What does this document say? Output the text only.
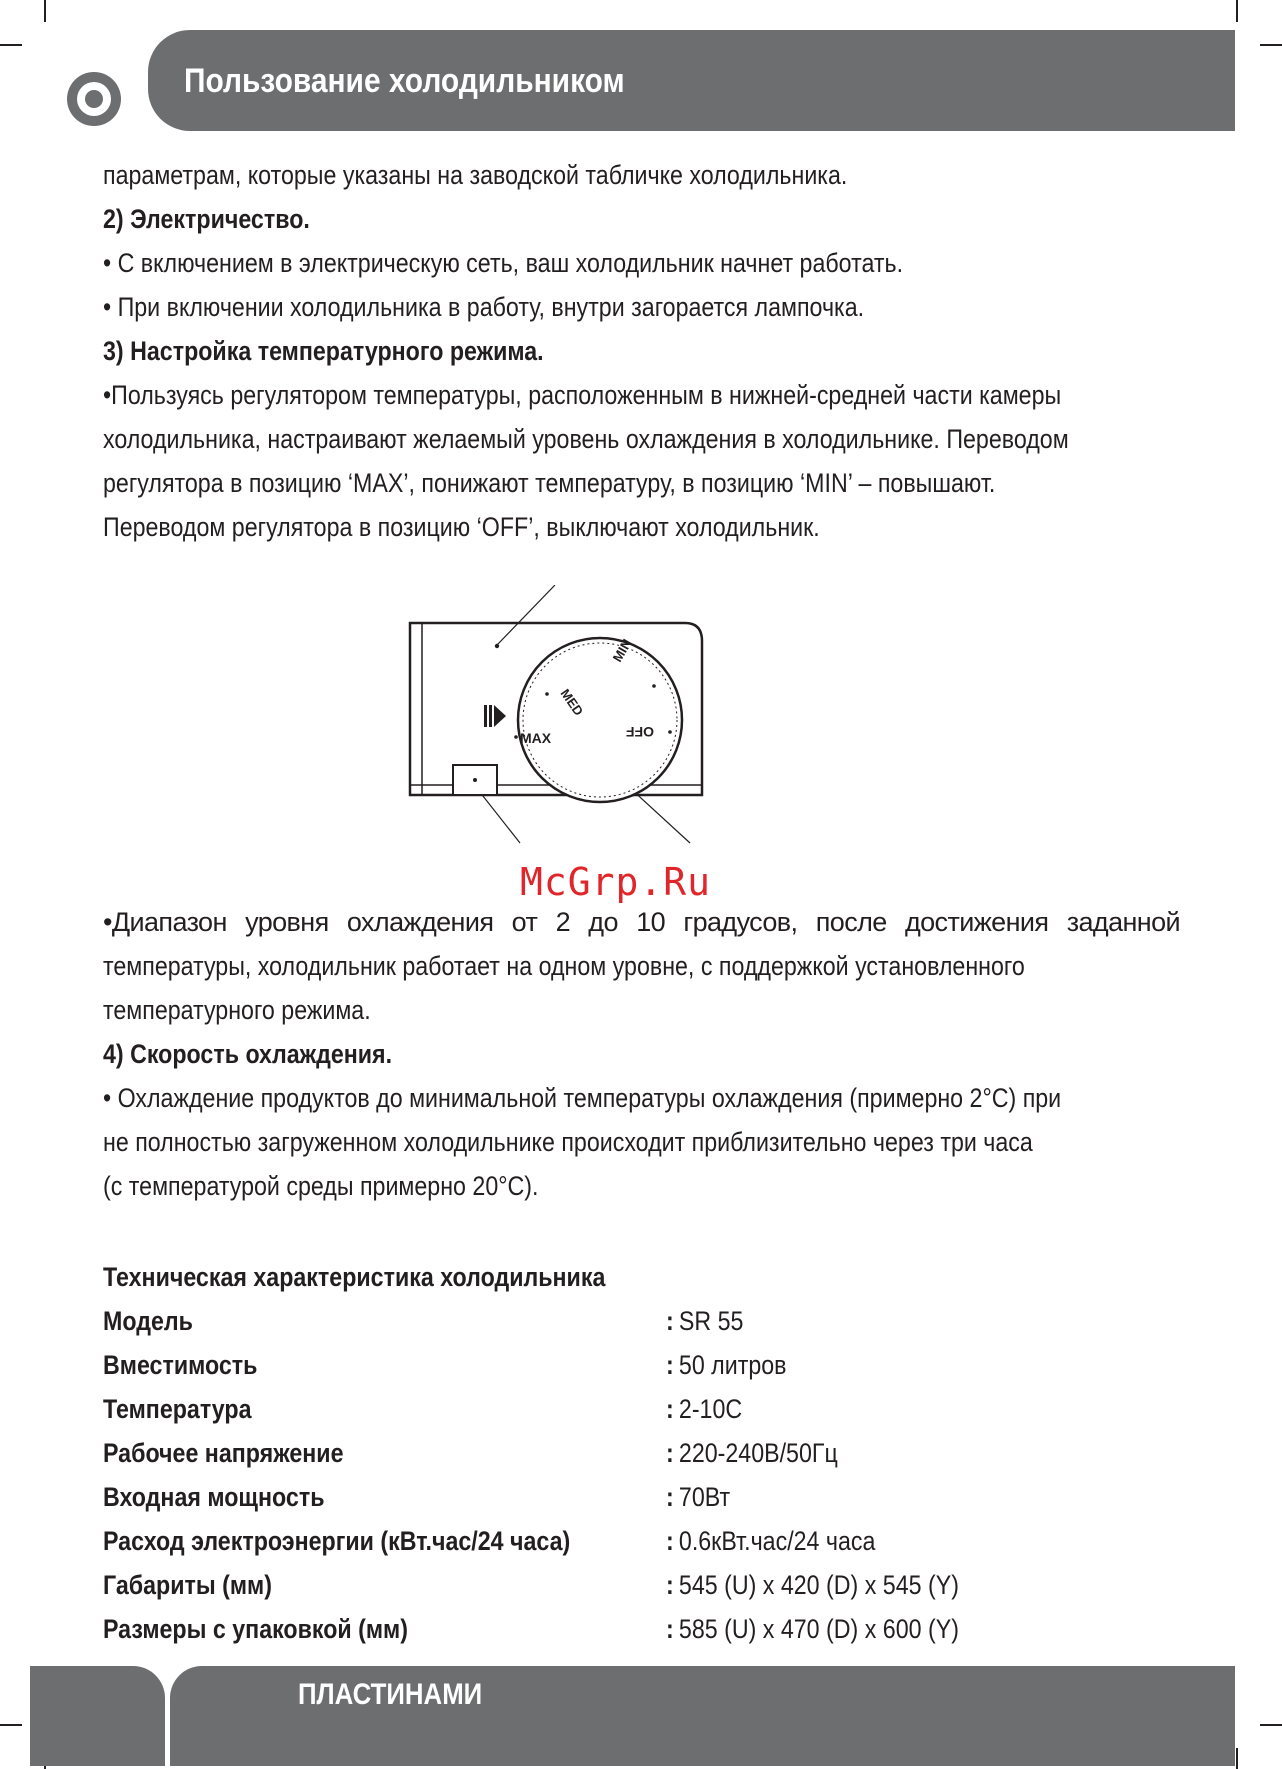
Пользование холодильником
параметрам, которые указаны на заводской табличке холодильника.
2) Электричество.
• С включением в электрическую сеть, ваш холодильник начнет работать.
• При включении холодильника в работу, внутри загорается лампочка.
3) Настройка температурного режима.
•Пользуясь регулятором температуры, расположенным в нижней-средней части камеры
холодильника, настраивают желаемый уровень охлаждения в холодильнике. Переводом
регулятора в позицию ‘MAX’, понижают температуру, в позицию ‘MIN’ – повышают.
Переводом регулятора в позицию ‘OFF’, выключают холодильник.
MED
MIN
MAX	OFF
McGrp.Ru
•Диапазон уровня охлаждения от 2 до 10 градусов, после достижения заданной
температуры, холодильник работает на одном уровне, с поддержкой установленного
температурного режима.
4) Скорость охлаждения.
• Охлаждение продуктов до минимальной температуры охлаждения (примерно 2°C) при
не полностью загруженном холодильнике происходит приблизительно через три часа
(с температурой среды примерно 20°C).
Техническая характеристика холодильника
Модель	: SR 55
Вместимость	: 50 литров
Температура	: 2-10C
Рабочее напряжение	: 220-240В/50Гц
Входная мощность	: 70Вт
Расход электроэнергии (кВт.час/24 часа)	: 0.6кВт.час/24 часа
Габариты (мм)	: 545 (U) x 420 (D) x 545 (Y)
Размеры с упаковкой (мм)	: 585 (U) x 470 (D) x 600 (Y)
ПЛАСТИНАМИ
